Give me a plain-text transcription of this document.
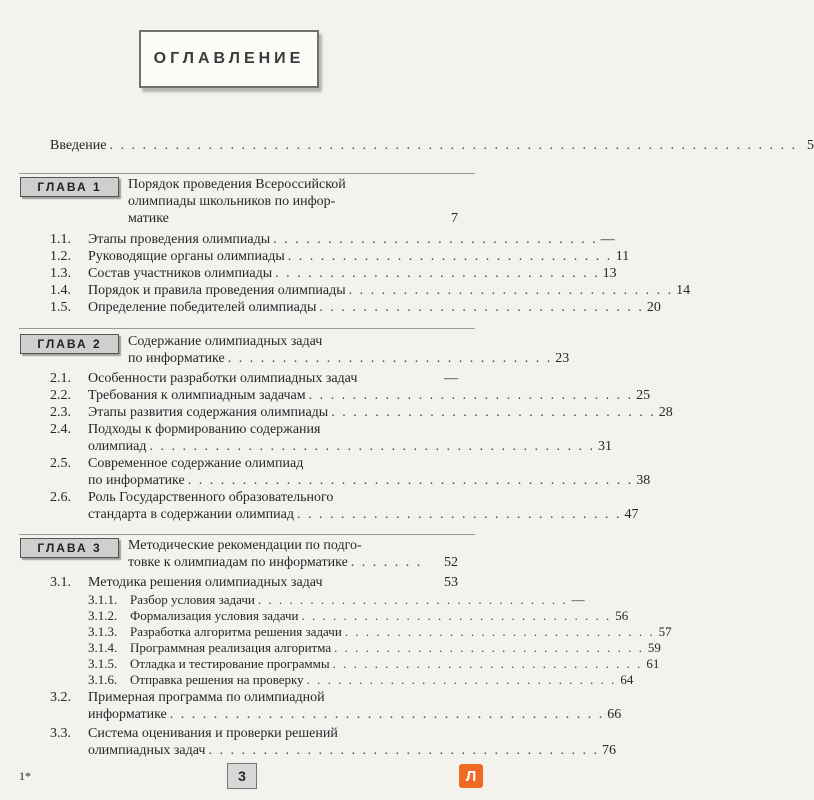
ОГЛАВЛЕНИЕ
Введение . . . . . . . . . . . . . . . . . . . . . . . . . . . . . . . . . . . . . . . . . . . . . . . . . . . . . . . . . . . . . . . 5
ГЛАВА 1	Порядок проведения Всероссийской
олимпиады школьников по инфор-
матике	7
1.1.	Этапы проведения олимпиады . . . . . . . . . . . . . . . . . . . . . . . . . . . . . . —
1.2.	Руководящие органы олимпиады . . . . . . . . . . . . . . . . . . . . . . . . . . . . . . 11
1.3.	Состав участников олимпиады . . . . . . . . . . . . . . . . . . . . . . . . . . . . . . 13
1.4.	Порядок и правила проведения олимпиады . . . . . . . . . . . . . . . . . . . . . . . . . . . . . . 14
1.5.	Определение победителей олимпиады . . . . . . . . . . . . . . . . . . . . . . . . . . . . . . 20
ГЛАВА 2	Содержание олимпиадных задач
по информатике . . . . . . . . . . . . . . . . . . . . . . . . . . . . . . 23
2.1.	Особенности разработки олимпиадных задач	—
2.2.	Требования к олимпиадным задачам . . . . . . . . . . . . . . . . . . . . . . . . . . . . . . 25
2.3.	Этапы развития содержания олимпиады . . . . . . . . . . . . . . . . . . . . . . . . . . . . . . 28
2.4.	Подходы к формированию содержания
олимпиад . . . . . . . . . . . . . . . . . . . . . . . . . . . . . . . . . . . . . . . . . 31
2.5.	Современное содержание олимпиад
по информатике . . . . . . . . . . . . . . . . . . . . . . . . . . . . . . . . . . . . . . . . . 38
2.6.	Роль Государственного образовательного
стандарта в содержании олимпиад . . . . . . . . . . . . . . . . . . . . . . . . . . . . . . 47
ГЛАВА 3	Методические рекомендации по подго-
товке к олимпиадам по информатике . . . . . . .	52
3.1.	Методика решения олимпиадных задач	53
3.1.1. Разбор условия задачи . . . . . . . . . . . . . . . . . . . . . . . . . . . . . . —
3.1.2. Формализация условия задачи . . . . . . . . . . . . . . . . . . . . . . . . . . . . . . 56
3.1.3. Разработка алгоритма решения задачи . . . . . . . . . . . . . . . . . . . . . . . . . . . . . . 57
3.1.4. Программная реализация алгоритма . . . . . . . . . . . . . . . . . . . . . . . . . . . . . . 59
3.1.5. Отладка и тестирование программы . . . . . . . . . . . . . . . . . . . . . . . . . . . . . . 61
3.1.6. Отправка решения на проверку . . . . . . . . . . . . . . . . . . . . . . . . . . . . . . 64
3.2.	Примерная программа по олимпиадной
информатике . . . . . . . . . . . . . . . . . . . . . . . . . . . . . . . . . . . . . . . . 66
3.3.	Система оценивания и проверки решений
олимпиадных задач . . . . . . . . . . . . . . . . . . . . . . . . . . . . . . . . . . . . 76
1*	3	Л
